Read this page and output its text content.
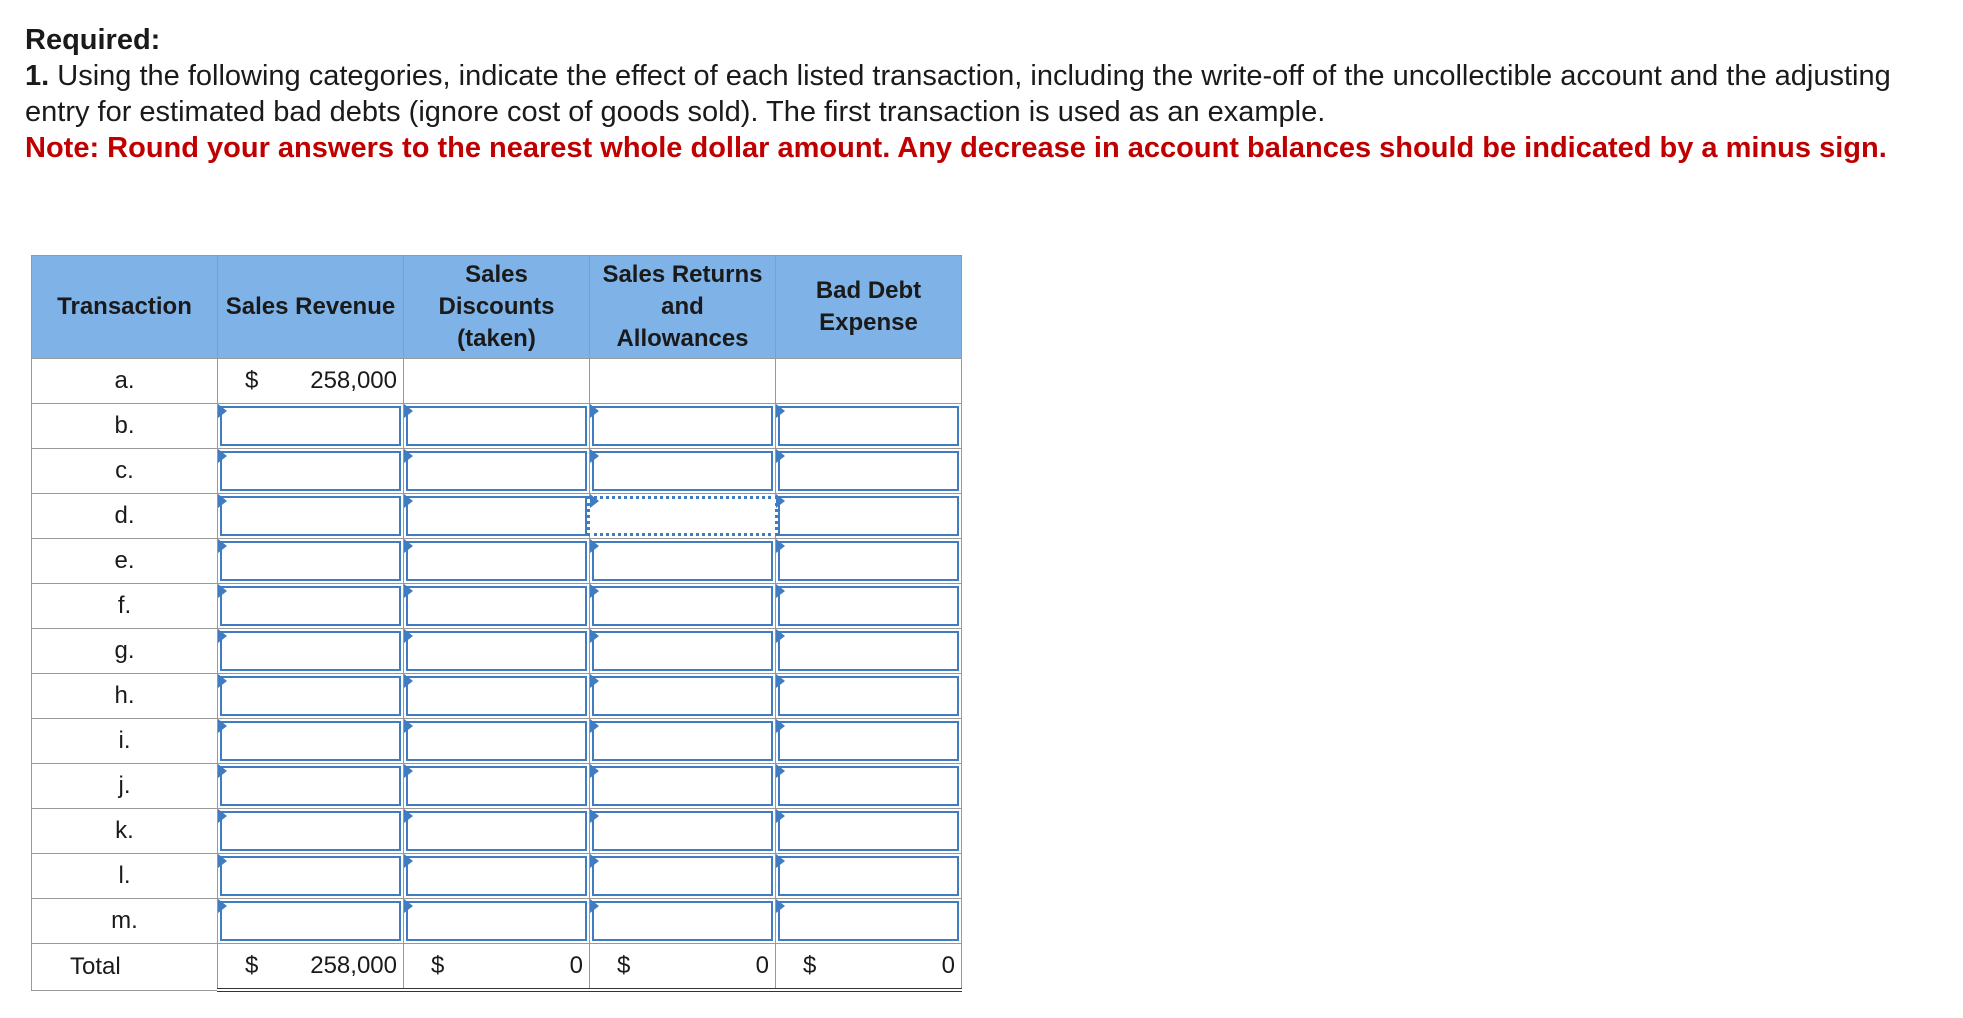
Required:
1. Using the following categories, indicate the effect of each listed transaction, including the write-off of the uncollectible account and the adjusting entry for estimated bad debts (ignore cost of goods sold). The first transaction is used as an example.
Note: Round your answers to the nearest whole dollar amount. Any decrease in account balances should be indicated by a minus sign.
Transaction	Sales Revenue	Sales Discounts (taken)	Sales Returns and Allowances	Bad Debt Expense
a.	$ 258,000			

b.	

c.	

d.	

e.	

f.	

g.	

h.	

i.	

j.	

k.	

l.	

m.	

Total	$ 258,000	$ 0	$ 0	$ 0
